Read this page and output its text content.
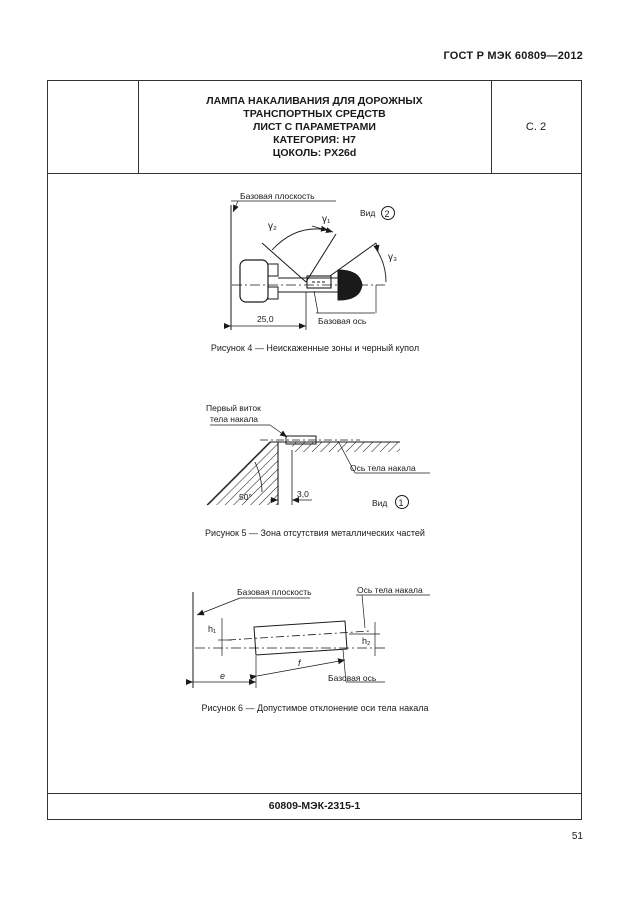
ГОСТ Р МЭК 60809—2012
ЛАМПА НАКАЛИВАНИЯ ДЛЯ ДОРОЖНЫХ
ТРАНСПОРТНЫХ СРЕДСТВ
ЛИСТ С ПАРАМЕТРАМИ
КАТЕГОРИЯ: H7
ЦОКОЛЬ: PX26d
С. 2
60809-МЭК-2315-1
Базовая плоскость
γ₂
γ₁
γ₃
Вид 2
25,0	Базовая ось
Рисунок 4 — Неискаженные зоны и черный купол
Первый виток
тела накала
Ось тела накала
50°	3,0
Вид 1
Рисунок 5 — Зона отсутствия металлических частей
Базовая плоскость	Ось тела накала
h₁
h₂
e
f
Базовая ось
Рисунок 6 — Допустимое отклонение оси тела накала
51
